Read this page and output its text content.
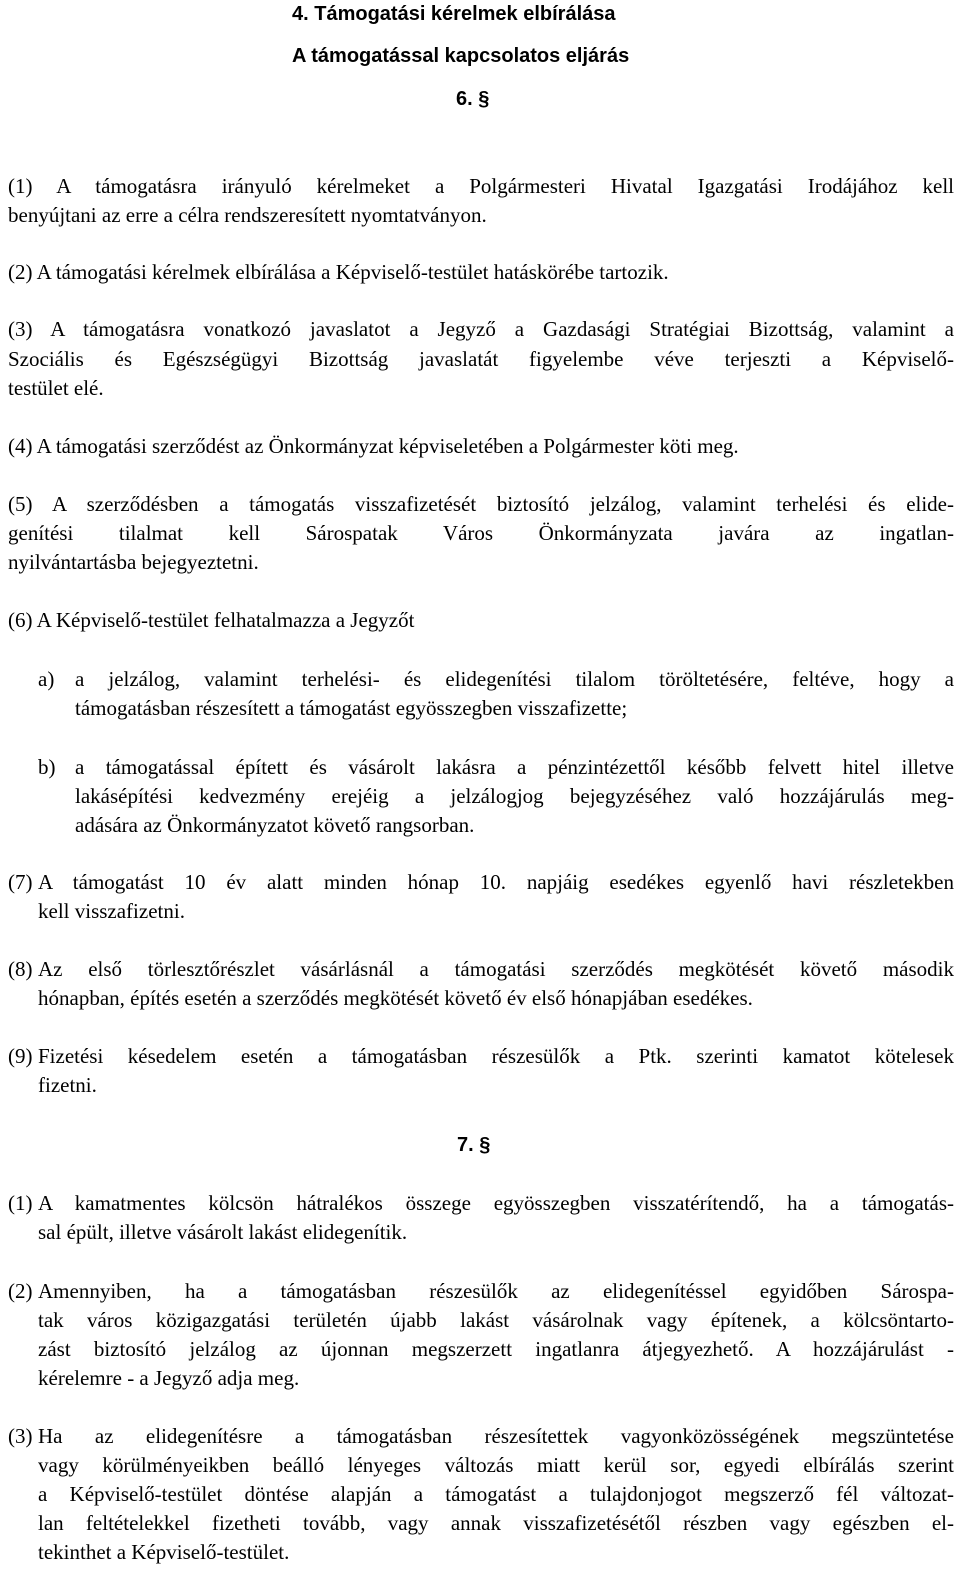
4. Támogatási kérelmek elbírálása
A támogatással kapcsolatos eljárás
6. §
(1) A támogatásra irányuló kérelmeket a Polgármesteri Hivatal Igazgatási Irodájához kell
benyújtani az erre a célra rendszeresített nyomtatványon.
(2) A támogatási kérelmek elbírálása a Képviselő-testület hatáskörébe tartozik.
(3) A támogatásra vonatkozó javaslatot a Jegyző a Gazdasági Stratégiai Bizottság, valamint a
Szociális és Egészségügyi Bizottság javaslatát figyelembe véve terjeszti a Képviselő-
testület elé.
(4) A támogatási szerződést az Önkormányzat képviseletében a Polgármester köti meg.
(5) A szerződésben a támogatás visszafizetését biztosító jelzálog, valamint terhelési és elide-
genítési tilalmat kell Sárospatak Város Önkormányzata javára az ingatlan-
nyilvántartásba bejegyeztetni.
(6) A Képviselő-testület felhatalmazza a Jegyzőt
a) a jelzálog, valamint terhelési- és elidegenítési tilalom töröltetésére, feltéve, hogy a
támogatásban részesített a támogatást egyösszegben visszafizette;
b) a támogatással épített és vásárolt lakásra a pénzintézettől később felvett hitel illetve
lakásépítési kedvezmény erejéig a jelzálogjog bejegyzéséhez való hozzájárulás meg-
adására az Önkormányzatot követő rangsorban.
(7) A támogatást 10 év alatt minden hónap 10. napjáig esedékes egyenlő havi részletekben
kell visszafizetni.
(8) Az első törlesztőrészlet vásárlásnál a támogatási szerződés megkötését követő második
hónapban, építés esetén a szerződés megkötését követő év első hónapjában esedékes.
(9) Fizetési késedelem esetén a támogatásban részesülők a Ptk. szerinti kamatot kötelesek
fizetni.
7. §
(1) A kamatmentes kölcsön hátralékos összege egyösszegben visszatérítendő, ha a támogatás-
sal épült, illetve vásárolt lakást elidegenítik.
(2) Amennyiben, ha a támogatásban részesülők az elidegenítéssel egyidőben Sárospa-
tak város közigazgatási területén újabb lakást vásárolnak vagy építenek, a kölcsöntarto-
zást biztosító jelzálog az újonnan megszerzett ingatlanra átjegyezhető. A hozzájárulást -
kérelemre - a Jegyző adja meg.
(3) Ha az elidegenítésre a támogatásban részesítettek vagyonközösségének megszüntetése
vagy körülményeikben beálló lényeges változás miatt kerül sor, egyedi elbírálás szerint
a Képviselő-testület döntése alapján a támogatást a tulajdonjogot megszerző fél változat-
lan feltételekkel fizetheti tovább, vagy annak visszafizetésétől részben vagy egészben el-
tekinthet a Képviselő-testület.
